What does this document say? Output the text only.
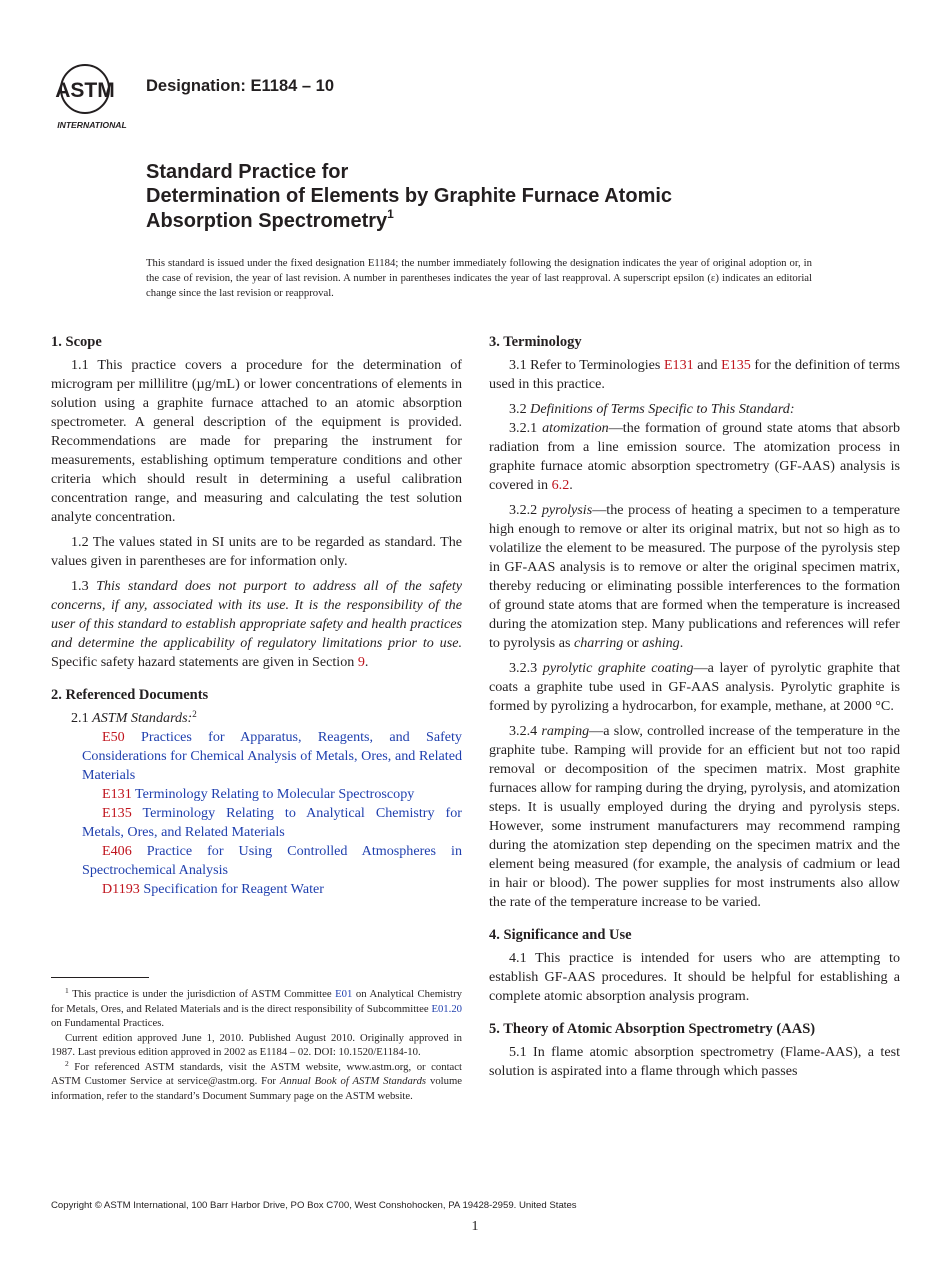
ASTM
INTERNATIONAL
Designation: E1184 – 10
Standard Practice for
Determination of Elements by Graphite Furnace Atomic
Absorption Spectrometry$^1$
This standard is issued under the fixed designation E1184; the number immediately following the designation indicates the year of original adoption or, in the case of revision, the year of last revision. A number in parentheses indicates the year of last reapproval. A superscript epsilon (ε) indicates an editorial change since the last revision or reapproval.
1. Scope

1.1 This practice covers a procedure for the determination of microgram per millilitre (µg/mL) or lower concentrations of elements in solution using a graphite furnace attached to an atomic absorption spectrometer. A general description of the equipment is provided. Recommendations are made for preparing the instrument for measurements, establishing optimum temperature conditions and other criteria which should result in determining a useful calibration concentration range, and measuring and calculating the test solution analyte concentration.

1.2 The values stated in SI units are to be regarded as standard. The values given in parentheses are for information only.

1.3 This standard does not purport to address all of the safety concerns, if any, associated with its use. It is the responsibility of the user of this standard to establish appropriate safety and health practices and determine the applicability of regulatory limitations prior to use. Specific safety hazard statements are given in Section 9.

2. Referenced Documents

2.1 ASTM Standards:$^2$

E50 Practices for Apparatus, Reagents, and Safety Considerations for Chemical Analysis of Metals, Ores, and Related Materials

E131 Terminology Relating to Molecular Spectroscopy

E135 Terminology Relating to Analytical Chemistry for Metals, Ores, and Related Materials

E406 Practice for Using Controlled Atmospheres in Spectrochemical Analysis

D1193 Specification for Reagent Water

$^1$ This practice is under the jurisdiction of ASTM Committee E01 on Analytical Chemistry for Metals, Ores, and Related Materials and is the direct responsibility of Subcommittee E01.20 on Fundamental Practices.

Current edition approved June 1, 2010. Published August 2010. Originally approved in 1987. Last previous edition approved in 2002 as E1184 – 02. DOI: 10.1520/E1184-10.

$^2$ For referenced ASTM standards, visit the ASTM website, www.astm.org, or contact ASTM Customer Service at service@astm.org. For Annual Book of ASTM Standards volume information, refer to the standard’s Document Summary page on the ASTM website.

3. Terminology

3.1 Refer to Terminologies E131 and E135 for the definition of terms used in this practice.

3.2 Definitions of Terms Specific to This Standard:

3.2.1 atomization—the formation of ground state atoms that absorb radiation from a line emission source. The atomization process in graphite furnace atomic absorption spectrometry (GF-AAS) analysis is covered in 6.2.

3.2.2 pyrolysis—the process of heating a specimen to a temperature high enough to remove or alter its original matrix, but not so high as to volatilize the element to be measured. The purpose of the pyrolysis step in GF-AAS analysis is to remove or alter the original specimen matrix, thereby reducing or eliminating possible interferences to the formation of ground state atoms that are formed when the temperature is increased during the atomization step. Many publications and references will refer to pyrolysis as charring or ashing.

3.2.3 pyrolytic graphite coating—a layer of pyrolytic graphite that coats a graphite tube used in GF-AAS analysis. Pyrolytic graphite is formed by pyrolizing a hydrocarbon, for example, methane, at 2000 °C.

3.2.4 ramping—a slow, controlled increase of the temperature in the graphite tube. Ramping will provide for an efficient but not too rapid removal or decomposition of the specimen matrix. Most graphite furnaces allow for ramping during the drying, pyrolysis, and atomization steps. It is usually employed during the drying and pyrolysis steps. However, some instrument manufacturers may recommend ramping during the atomization step depending on the specimen matrix and the element being measured (for example, the analysis of cadmium or lead in hair or blood). The power supplies for most instruments also allow the rate of the temperature increase to be varied.

4. Significance and Use

4.1 This practice is intended for users who are attempting to establish GF-AAS procedures. It should be helpful for establishing a complete atomic absorption analysis program.

5. Theory of Atomic Absorption Spectrometry (AAS)

5.1 In flame atomic absorption spectrometry (Flame-AAS), a test solution is aspirated into a flame through which passes

Copyright © ASTM International, 100 Barr Harbor Drive, PO Box C700, West Conshohocken, PA 19428-2959. United States
1
